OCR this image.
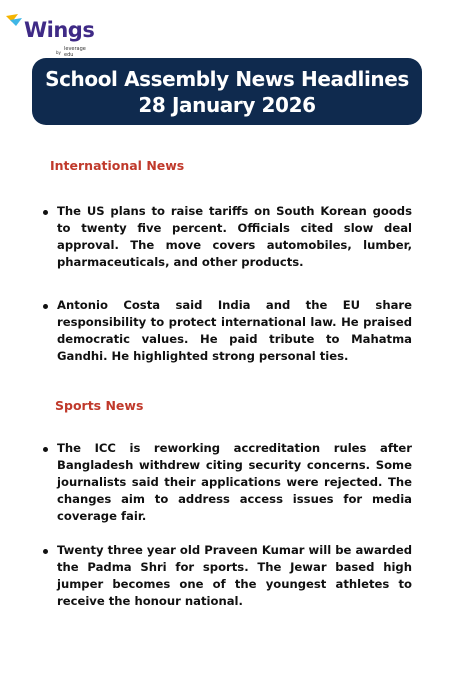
Wings
by
leverage
edu
School Assembly News Headlines
28 January 2026
International News
The US plans to raise tariffs on South Korean goods to twenty five percent. Officials cited slow deal approval. The move covers automobiles, lumber, pharmaceuticals, and other products.
Antonio Costa said India and the EU share responsibility to protect international law. He praised democratic values. He paid tribute to Mahatma Gandhi. He highlighted strong personal ties.
Sports News
The ICC is reworking accreditation rules after Bangladesh withdrew citing security concerns. Some journalists said their applications were rejected. The changes aim to address access issues for media coverage fair.
Twenty three year old Praveen Kumar will be awarded the Padma Shri for sports. The Jewar based high jumper becomes one of the youngest athletes to receive the honour national.
